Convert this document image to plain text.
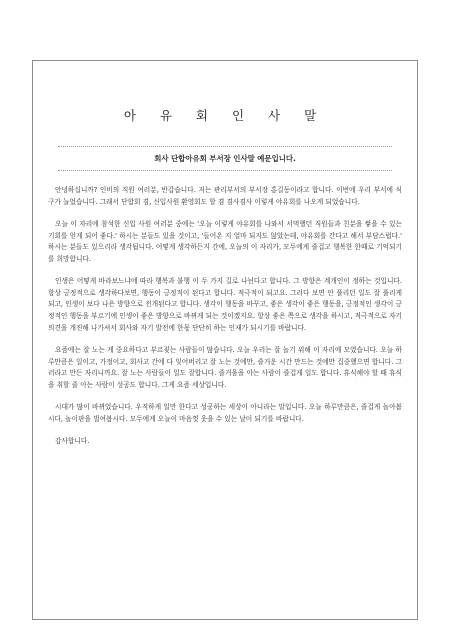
아 유 회 인 사 말
회사 단합아유회 부서장 인사말 예문입니다.

안녕하십니까? 인비의 직원 여러분, 반갑습니다. 저는 관리부서의 부서장 홍길동이라고 합니다. 이번에 우리 부서에 식구가 늘었습니다. 그래서 단합회 겸, 신입사원 환영회도 할 겸 겸사겸사 이렇게 야유회를 나오게 되었습니다.

오늘 이 자리에 참석한 신입 사원 여러분 중에는 '오늘 이렇게 야유회를 나와서 서먹했던 직원들과 친분을 쌓을 수 있는 기회를 얻게 되어 좋다.' 하시는 분들도 있을 것이고, '들어온 지 얼마 되지도 않았는데, 야유회를 간다고 해서 부담스럽다.' 하시는 분들도 있으리라 생각됩니다. 어떻게 생각하든지 간에, 오늘의 이 자리가, 모두에게 즐겁고 행복한 한때로 기억되기를 희망합니다.

인생은 어떻게 바라보느냐에 따라 행복과 불행 이 두 가지 길로 나뉜다고 합니다. 그 방향은 계개인이 정하는 것입니다. 항상 긍정적으로 생각하다보면, 행동이 긍정적이 된다고 합니다. 적극적이 되고요. 그러다 보면 안 풀리던 일도 잘 풀리게 되고, 인생이 보다 나은 방향으로 전개된다고 합니다. 생각이 행동을 바꾸고, 좋은 생각이 좋은 행동을, 긍정적인 생각이 긍정적인 행동을 부르기에 인생이 좋은 방향으로 바뀌게 되는 것이겠지요. 항상 좋은 쪽으로 생각을 하시고, 적극적으로 자기 의견을 개진해 나가셔서 회사와 자기 발전에 한몫 단단히 하는 인재가 되시기를 바랍니다.

요즘에는 잘 노는 게 중요하다고 부르짖는 사람들이 많습니다. 오늘 우리는 잘 놀기 위해 이 자리에 모였습니다. 오늘 하루만큼은 일이고, 가정이고, 회사고 간에 다 잊어버리고 잘 노는 것에만, 즐거운 시간 만드는 것에만 집중했으면 합니다. 그러라고 만든 자리니까요. 잘 노는 사람들이 일도 잘합니다. 즐거움을 아는 사람이 즐겁게 일도 합니다. 휴식해야 할 때 휴식을 취할 줄 아는 사람이 성공도 합니다. 그게 요즘 세상입니다.

시대가 많이 바뀌었습니다. 우직하게 일만 한다고 성공하는 세상이 아니라는 말입니다. 오늘 하루만큼은, 즐겁게 놀아봅시다, 놀이판을 벌여봅시다. 모두에게 오늘이 마음껏 웃을 수 있는 날이 되기를 바랍니다.

감사합니다.
